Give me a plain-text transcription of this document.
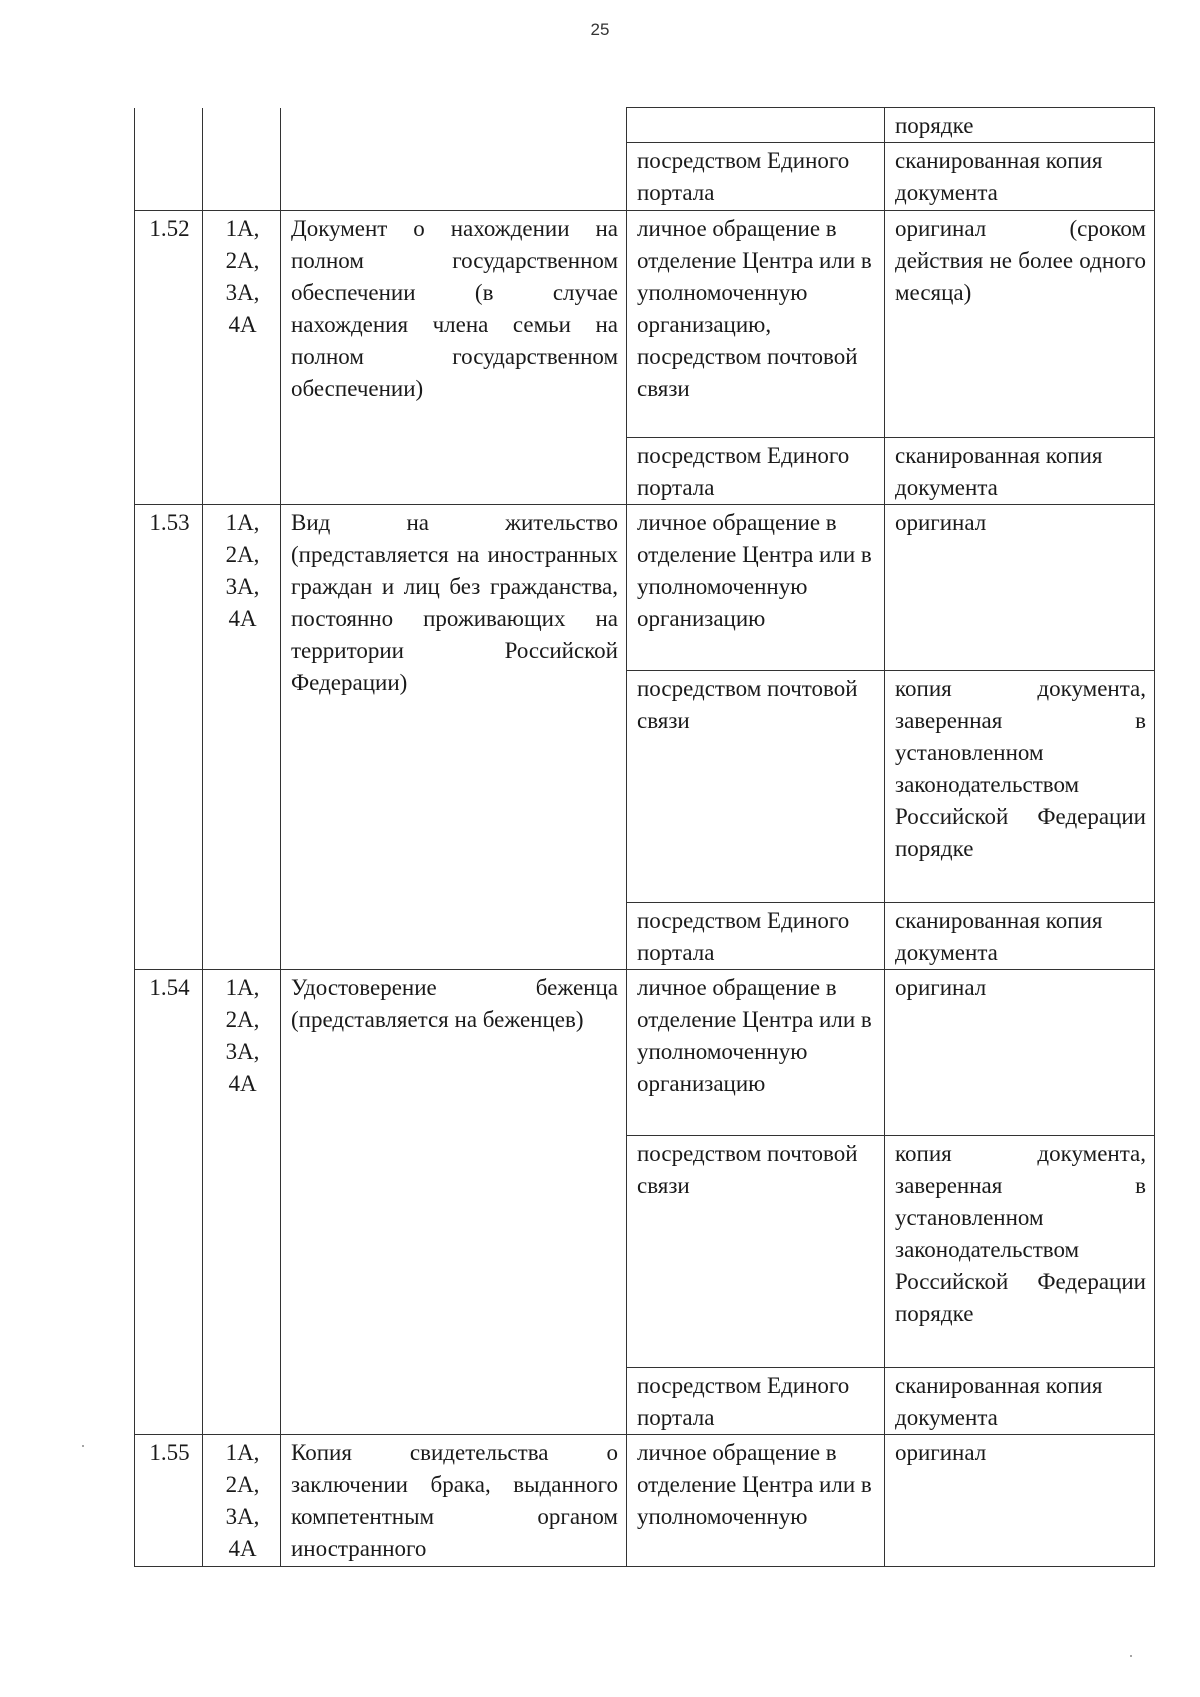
25
				порядке
			посредством Единого портала	сканированная копия документа
1.52	1А, 2А, 3А, 4А	Документ о нахождении на полном государственном обеспечении (в случае нахождения члена семьи на полном государственном обеспечении)	личное обращение в отделение Центра или в уполномоченную организацию, посредством почтовой связи	оригинал (сроком действия не более одного месяца)
			посредством Единого портала	сканированная копия документа
1.53	1А, 2А, 3А, 4А	Вид на жительство (представляется на иностранных граждан и лиц без гражданства, постоянно проживающих на территории Российской Федерации)	личное обращение в отделение Центра или в уполномоченную организацию	оригинал
			посредством почтовой связи	копия документа, заверенная в установленном законодательством Российской Федерации порядке
			посредством Единого портала	сканированная копия документа
1.54	1А, 2А, 3А, 4А	Удостоверение беженца (представляется на беженцев)	личное обращение в отделение Центра или в уполномоченную организацию	оригинал
			посредством почтовой связи	копия документа, заверенная в установленном законодательством Российской Федерации порядке
			посредством Единого портала	сканированная копия документа
1.55	1А, 2А, 3А, 4А	Копия свидетельства о заключении брака, выданного компетентным органом иностранного	личное обращение в отделение Центра или в уполномоченную	оригинал
